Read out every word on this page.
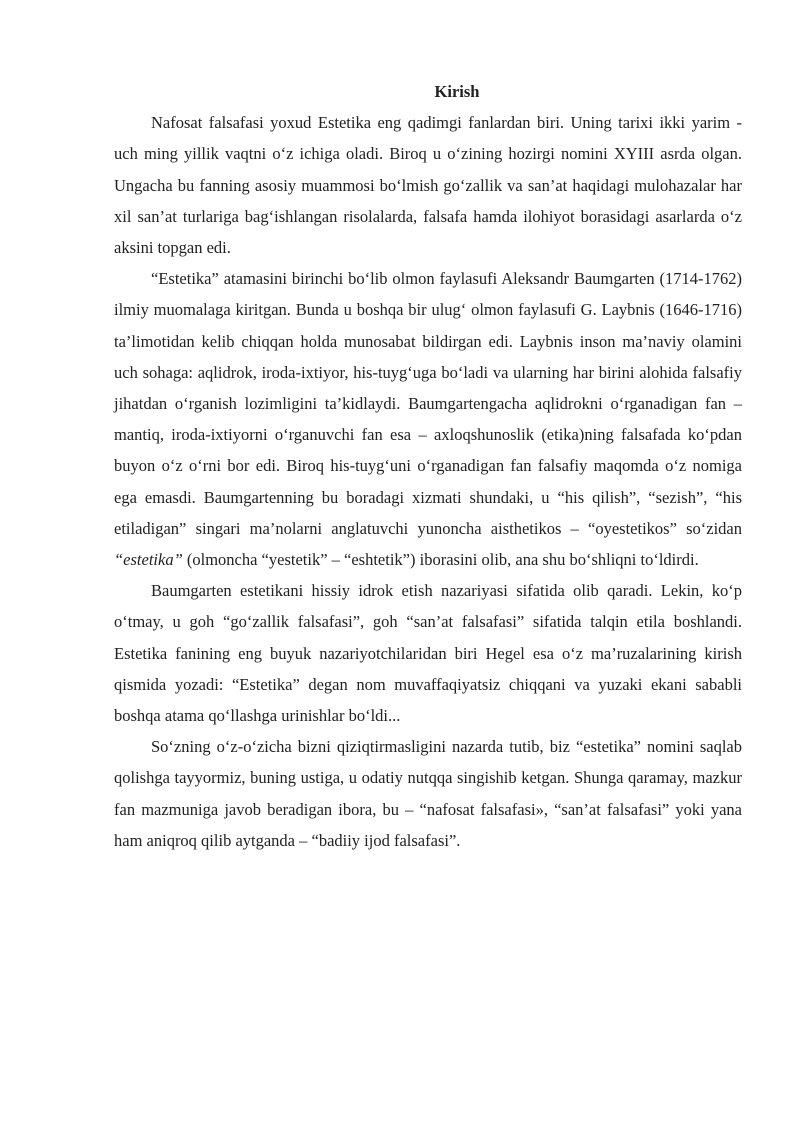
Kirish

Nafosat falsafasi yoxud Estetika eng qadimgi fanlardan biri. Uning tarixi ikki yarim - uch ming yillik vaqtni o‘z ichiga oladi. Biroq u o‘zining hozirgi nomini XYIII asrda olgan. Ungacha bu fanning asosiy muammosi bo‘lmish go‘zallik va san’at haqidagi mulohazalar har xil san’at turlariga bag‘ishlangan risolalarda, falsafa hamda ilohiyot borasidagi asarlarda o‘z aksini topgan edi.

“Estetika” atamasini birinchi bo‘lib olmon faylasufi Aleksandr Baumgarten (1714-1762) ilmiy muomalaga kiritgan. Bunda u boshqa bir ulug‘ olmon faylasufi G. Laybnis (1646-1716) ta’limotidan kelib chiqqan holda munosabat bildirgan edi. Laybnis inson ma’naviy olamini uch sohaga: aqlidrok, iroda-ixtiyor, his-tuyg‘uga bo‘ladi va ularning har birini alohida falsafiy jihatdan o‘rganish lozimligini ta’kidlaydi. Baumgartengacha aqlidrokni o‘rganadigan fan – mantiq, iroda-ixtiyorni o‘rganuvchi fan esa – axloqshunoslik (etika)ning falsafada ko‘pdan buyon o‘z o‘rni bor edi. Biroq his-tuyg‘uni o‘rganadigan fan falsafiy maqomda o‘z nomiga ega emasdi. Baumgartenning bu boradagi xizmati shundaki, u “his qilish”, “sezish”, “his etiladigan” singari ma’nolarni anglatuvchi yunoncha aisthetikos – “oyestetikos” so‘zidan “estetika” (olmoncha “yestetik” – “eshtetik”) iborasini olib, ana shu bo‘shliqni to‘ldirdi.

Baumgarten estetikani hissiy idrok etish nazariyasi sifatida olib qaradi. Lekin, ko‘p o‘tmay, u goh “go‘zallik falsafasi”, goh “san’at falsafasi” sifatida talqin etila boshlandi. Estetika fanining eng buyuk nazariyotchilaridan biri Hegel esa o‘z ma’ruzalarining kirish qismida yozadi: “Estetika” degan nom muvaffaqiyatsiz chiqqani va yuzaki ekani sababli boshqa atama qo‘llashga urinishlar bo‘ldi...

So‘zning o‘z-o‘zicha bizni qiziqtirmasligini nazarda tutib, biz “estetika” nomini saqlab qolishga tayyormiz, buning ustiga, u odatiy nutqqa singishib ketgan. Shunga qaramay, mazkur fan mazmuniga javob beradigan ibora, bu – “nafosat falsafasi», “san’at falsafasi” yoki yana ham aniqroq qilib aytganda – “badiiy ijod falsafasi”.
